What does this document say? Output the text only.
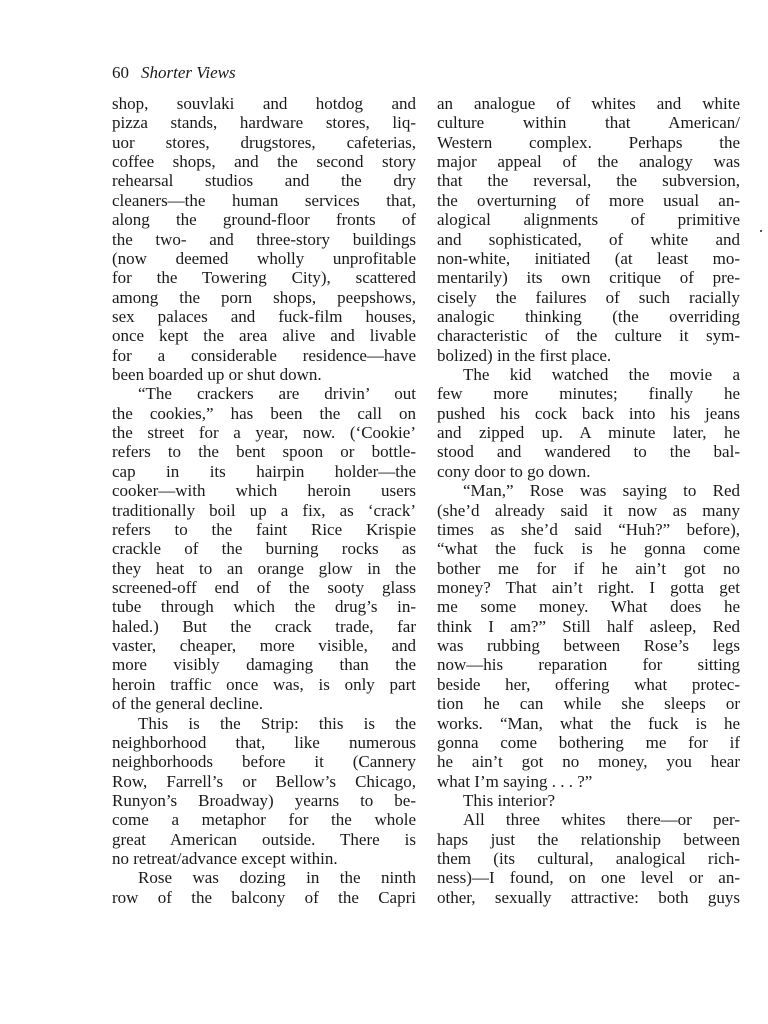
60 Shorter Views
shop, souvlaki and hotdog and
pizza stands, hardware stores, liq-
uor stores, drugstores, cafeterias,
coffee shops, and the second story
rehearsal studios and the dry
cleaners—the human services that,
along the ground-floor fronts of
the two- and three-story buildings
(now deemed wholly unprofitable
for the Towering City), scattered
among the porn shops, peepshows,
sex palaces and fuck-film houses,
once kept the area alive and livable
for a considerable residence—have
been boarded up or shut down.
“The crackers are drivin’ out
the cookies,” has been the call on
the street for a year, now. (‘Cookie’
refers to the bent spoon or bottle-
cap in its hairpin holder—the
cooker—with which heroin users
traditionally boil up a fix, as ‘crack’
refers to the faint Rice Krispie
crackle of the burning rocks as
they heat to an orange glow in the
screened-off end of the sooty glass
tube through which the drug’s in-
haled.) But the crack trade, far
vaster, cheaper, more visible, and
more visibly damaging than the
heroin traffic once was, is only part
of the general decline.
This is the Strip: this is the
neighborhood that, like numerous
neighborhoods before it (Cannery
Row, Farrell’s or Bellow’s Chicago,
Runyon’s Broadway) yearns to be-
come a metaphor for the whole
great American outside. There is
no retreat/advance except within.
Rose was dozing in the ninth
row of the balcony of the Capri
an analogue of whites and white
culture within that American/
Western complex. Perhaps the
major appeal of the analogy was
that the reversal, the subversion,
the overturning of more usual an-
alogical alignments of primitive
and sophisticated, of white and
non-white, initiated (at least mo-
mentarily) its own critique of pre-
cisely the failures of such racially
analogic thinking (the overriding
characteristic of the culture it sym-
bolized) in the first place.
The kid watched the movie a
few more minutes; finally he
pushed his cock back into his jeans
and zipped up. A minute later, he
stood and wandered to the bal-
cony door to go down.
“Man,” Rose was saying to Red
(she’d already said it now as many
times as she’d said “Huh?” before),
“what the fuck is he gonna come
bother me for if he ain’t got no
money? That ain’t right. I gotta get
me some money. What does he
think I am?” Still half asleep, Red
was rubbing between Rose’s legs
now—his reparation for sitting
beside her, offering what protec-
tion he can while she sleeps or
works. “Man, what the fuck is he
gonna come bothering me for if
he ain’t got no money, you hear
what I’m saying . . . ?”
This interior?
All three whites there—or per-
haps just the relationship between
them (its cultural, analogical rich-
ness)—I found, on one level or an-
other, sexually attractive: both guys
